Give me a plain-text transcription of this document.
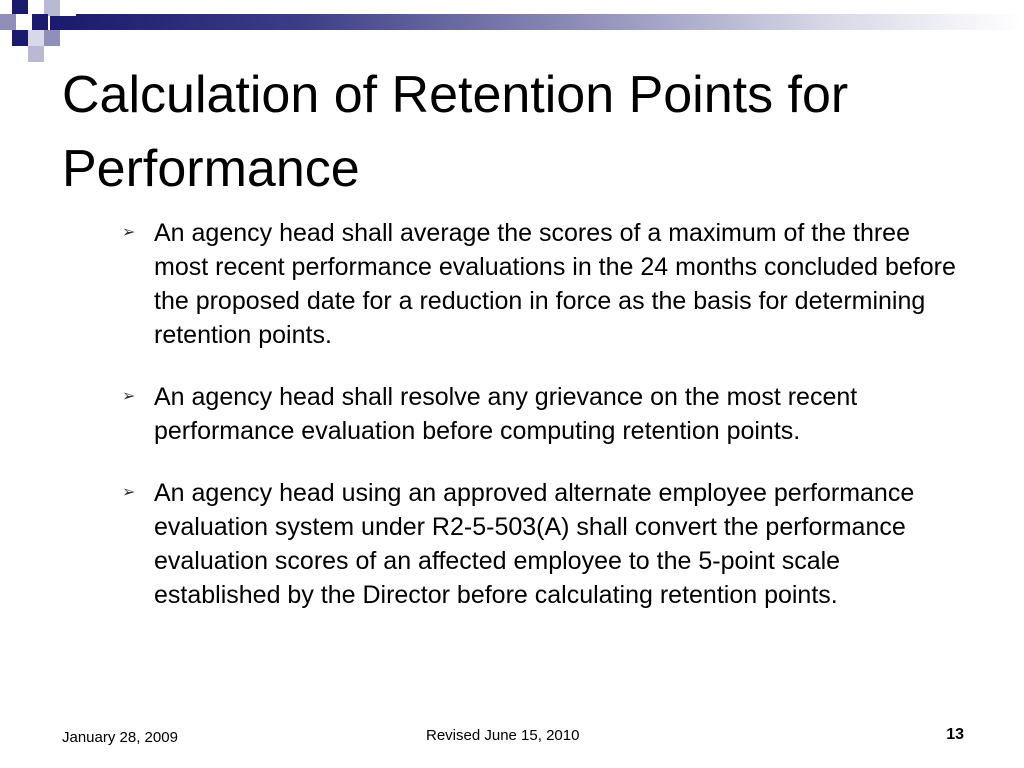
Calculation of Retention Points for Performance
➢ An agency head shall average the scores of a maximum of the three most recent performance evaluations in the 24 months concluded before the proposed date for a reduction in force as the basis for determining retention points.
➢ An agency head shall resolve any grievance on the most recent performance evaluation before computing retention points.
➢ An agency head using an approved alternate employee performance evaluation system under R2-5-503(A) shall convert the performance evaluation scores of an affected employee to the 5-point scale established by the Director before calculating retention points.
January 28, 2009	Revised June 15, 2010	13
